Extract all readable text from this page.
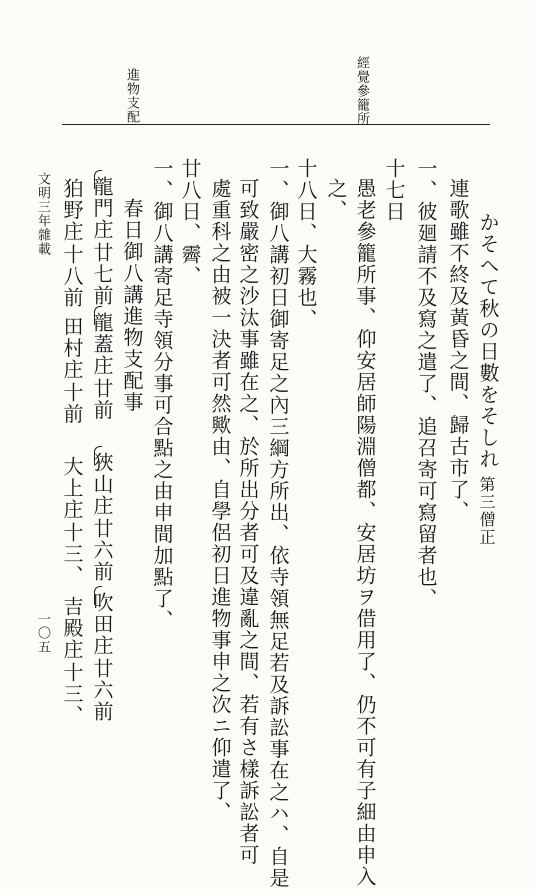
經覺參籠所
進物支配
第三僧正
かそへて秋の日數をそしれ
連歌雖不終及黃昏之間、歸古市了、
一、彼廻請不及寫之遣了、追召寄可寫留者也、
十七日
愚老參籠所事、仰安居師陽淵僧都、安居坊ヲ借用了、仍不可有子細由申入
之、
十八日、大霧也、
一、御八講初日御寄足之內三綱方所出、依寺領無足若及訴訟事在之ハ、自是
可致嚴密之沙汰事雖在之、於所出分者可及違亂之間、若有さ樣訴訟者可
處重科之由被一決者可然歟由、自學侶初日進物事申之次ニ仰遣了、
廿八日、霽、
一、御八講寄足寺領分事可合點之由申間加點了、
春日御八講進物支配事
龍門庄
廿七前
龍蓋庄
廿前
狹山庄
廿六前
吹田庄
廿六前
狛野庄
十八前
田村庄
十前
大上庄
十三、
吉殿庄
十三、
文明三年雜載
一〇五
